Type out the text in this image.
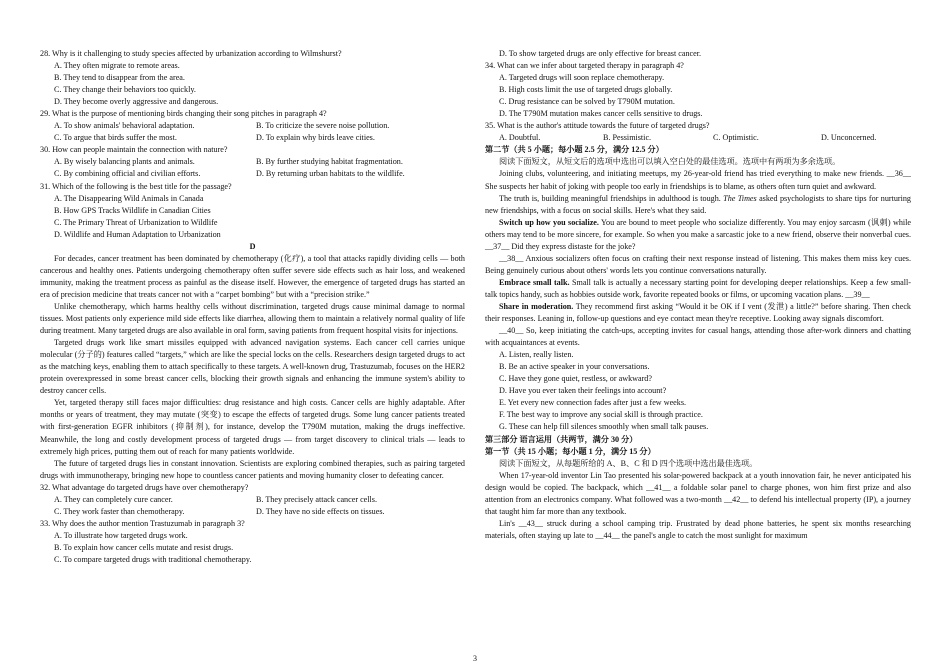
28. Why is it challenging to study species affected by urbanization according to Wilmshurst?
A. They often migrate to remote areas.
B. They tend to disappear from the area.
C. They change their behaviors too quickly.
D. They become overly aggressive and dangerous.
29. What is the purpose of mentioning birds changing their song pitches in paragraph 4?
A. To show animals' behavioral adaptation.	B. To criticize the severe noise pollution.
C. To argue that birds suffer the most.	D. To explain why birds leave cities.
30. How can people maintain the connection with nature?
A. By wisely balancing plants and animals.	B. By further studying habitat fragmentation.
C. By combining official and civilian efforts.	D. By returning urban habitats to the wildlife.
31. Which of the following is the best title for the passage?
A. The Disappearing Wild Animals in Canada
B. How GPS Tracks Wildlife in Canadian Cities
C. The Primary Threat of Urbanization to Wildlife
D. Wildlife and Human Adaptation to Urbanization
D
For decades, cancer treatment has been dominated by chemotherapy (化疗), a tool that attacks rapidly dividing cells — both cancerous and healthy ones. Patients undergoing chemotherapy often suffer severe side effects such as hair loss, and weakened immunity, making the treatment process as painful as the disease itself. However, the emergence of targeted drugs has started an era of precision medicine that treats cancer not with a “carpet bombing” but with a “precision strike.”
Unlike chemotherapy, which harms healthy cells without discrimination, targeted drugs cause minimal damage to normal tissues. Most patients only experience mild side effects like diarrhea, allowing them to maintain a relatively normal quality of life during treatment. Many targeted drugs are also available in oral form, saving patients from frequent hospital visits for injections.
Targeted drugs work like smart missiles equipped with advanced navigation systems. Each cancer cell carries unique molecular (分子的) features called “targets,” which are like the special locks on the cells. Researchers design targeted drugs to act as the matching keys, enabling them to attach specifically to these targets. A well-known drug, Trastuzumab, focuses on the HER2 protein overexpressed in some breast cancer cells, blocking their growth signals and enhancing the immune system's ability to destroy cancer cells.
Yet, targeted therapy still faces major difficulties: drug resistance and high costs. Cancer cells are highly adaptable. After months or years of treatment, they may mutate (突变) to escape the effects of targeted drugs. Some lung cancer patients treated with first-generation EGFR inhibitors (抑制剂), for instance, develop the T790M mutation, making the drugs ineffective. Meanwhile, the long and costly development process of targeted drugs — from target discovery to clinical trials — leads to extremely high prices, putting them out of reach for many patients worldwide.
The future of targeted drugs lies in constant innovation. Scientists are exploring combined therapies, such as pairing targeted drugs with immunotherapy, bringing new hope to countless cancer patients and moving humanity closer to defeating cancer.
32. What advantage do targeted drugs have over chemotherapy?
A. They can completely cure cancer.	B. They precisely attack cancer cells.
C. They work faster than chemotherapy.	D. They have no side effects on tissues.
33. Why does the author mention Trastuzumab in paragraph 3?
A. To illustrate how targeted drugs work.
B. To explain how cancer cells mutate and resist drugs.
C. To compare targeted drugs with traditional chemotherapy.
D. To show targeted drugs are only effective for breast cancer.
34. What can we infer about targeted therapy in paragraph 4?
A. Targeted drugs will soon replace chemotherapy.
B. High costs limit the use of targeted drugs globally.
C. Drug resistance can be solved by T790M mutation.
D. The T790M mutation makes cancer cells sensitive to drugs.
35. What is the author's attitude towards the future of targeted drugs?
A. Doubtful.	B. Pessimistic.	C. Optimistic.	D. Unconcerned.
第二节（共 5 小题；每小题 2.5 分，满分 12.5 分）
阅读下面短文，从短文后的选项中选出可以填入空白处的最佳选项。选项中有两项为多余选项。
Joining clubs, volunteering, and initiating meetups, my 26-year-old friend has tried everything to make new friends. __36__ She suspects her habit of joking with people too early in friendships is to blame, as others often turn quiet and awkward.
The truth is, building meaningful friendships in adulthood is tough. The Times asked psychologists to share tips for nurturing new friendships, with a focus on social skills. Here's what they said.
Switch up how you socialize. You are bound to meet people who socialize differently. You may enjoy sarcasm (讽刺) while others may tend to be more sincere, for example. So when you make a sarcastic joke to a new friend, observe their nonverbal cues. __37__ Did they express distaste for the joke?
__38__ Anxious socializers often focus on crafting their next response instead of listening. This makes them miss key cues. Being genuinely curious about others' words lets you continue conversations naturally.
Embrace small talk. Small talk is actually a necessary starting point for developing deeper relationships. Keep a few small-talk topics handy, such as hobbies outside work, favorite repeated books or films, or upcoming vacation plans. __39__
Share in moderation. They recommend first asking “Would it be OK if I vent (发泄) a little?” before sharing. Then check their responses. Leaning in, follow-up questions and eye contact mean they're receptive. Looking away signals discomfort.
__40__ So, keep initiating the catch-ups, accepting invites for casual hangs, attending those after-work dinners and chatting with acquaintances at events.
A. Listen, really listen.
B. Be an active speaker in your conversations.
C. Have they gone quiet, restless, or awkward?
D. Have you ever taken their feelings into account?
E. Yet every new connection fades after just a few weeks.
F. The best way to improve any social skill is through practice.
G. These can help fill silences smoothly when small talk pauses.
第三部分 语言运用（共两节，满分 30 分）
第一节（共 15 小题；每小题 1 分，满分 15 分）
阅读下面短文，从每题所给的 A、B、C 和 D 四个选项中选出最佳选项。
When 17-year-old inventor Lin Tao presented his solar-powered backpack at a youth innovation fair, he never anticipated his design would be copied. The backpack, which __41__ a foldable solar panel to charge phones, won him first prize and also attention from an electronics company. What followed was a two-month __42__ to defend his intellectual property (IP), a journey that taught him far more than any textbook.
Lin's __43__ struck during a school camping trip. Frustrated by dead phone batteries, he spent six months researching materials, often staying up late to __44__ the panel's angle to catch the most sunlight for maximum
3
